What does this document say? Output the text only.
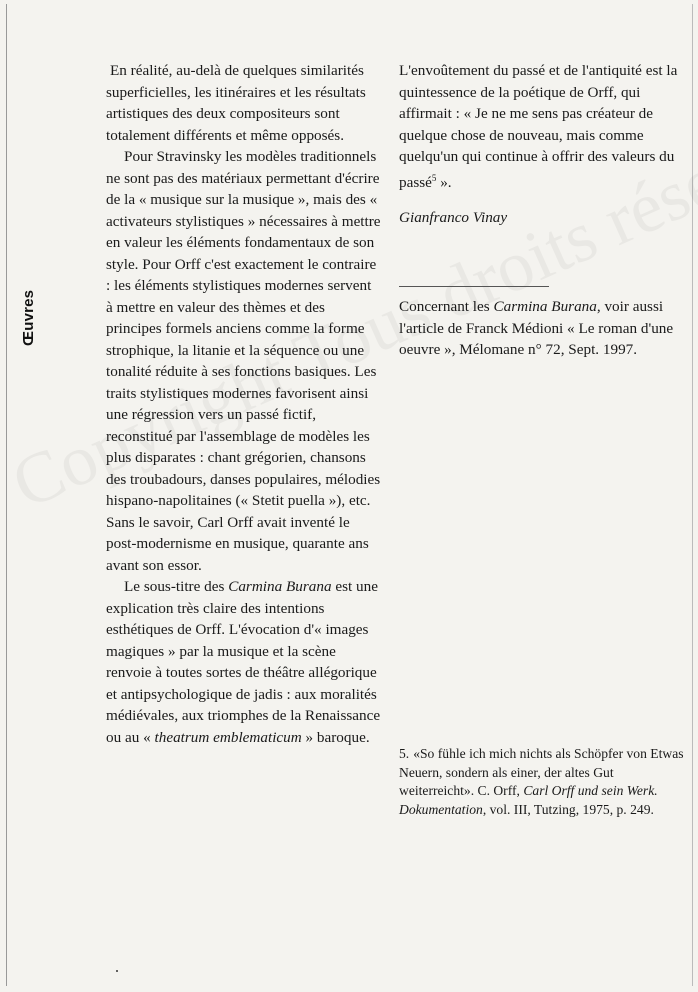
Œuvres

En réalité, au-delà de quelques similarités superficielles, les itinéraires et les résultats artistiques des deux compositeurs sont totalement différents et même opposés.

Pour Stravinsky les modèles traditionnels ne sont pas des matériaux permettant d'écrire de la « musique sur la musique », mais des « activateurs stylistiques » nécessaires à mettre en valeur les éléments fondamentaux de son style. Pour Orff c'est exactement le contraire : les éléments stylistiques modernes servent à mettre en valeur des thèmes et des principes formels anciens comme la forme strophique, la litanie et la séquence ou une tonalité réduite à ses fonctions basiques. Les traits stylistiques modernes favorisent ainsi une régression vers un passé fictif, reconstitué par l'assemblage de modèles les plus disparates : chant grégorien, chansons des troubadours, danses populaires, mélodies hispano-napolitaines (« Stetit puella »), etc. Sans le savoir, Carl Orff avait inventé le post-modernisme en musique, quarante ans avant son essor.

Le sous-titre des Carmina Burana est une explication très claire des intentions esthétiques de Orff. L'évocation d'« images magiques » par la musique et la scène renvoie à toutes sortes de théâtre allégorique et antipsychologique de jadis : aux moralités médiévales, aux triomphes de la Renaissance ou au « theatrum emblematicum » baroque.

L'envoûtement du passé et de l'antiquité est la quintessence de la poétique de Orff, qui affirmait : « Je ne me sens pas créateur de quelque chose de nouveau, mais comme quelqu'un qui continue à offrir des valeurs du passé$^5$ ».

Gianfranco Vinay

Concernant les Carmina Burana, voir aussi l'article de Franck Médioni « Le roman d'une oeuvre », Mélomane n° 72, Sept. 1997.
5. «So fühle ich mich nichts als Schöpfer von Etwas Neuern, sondern als einer, der altes Gut weiterreicht». C. Orff, Carl Orff und sein Werk. Dokumentation, vol. III, Tutzing, 1975, p. 249.
